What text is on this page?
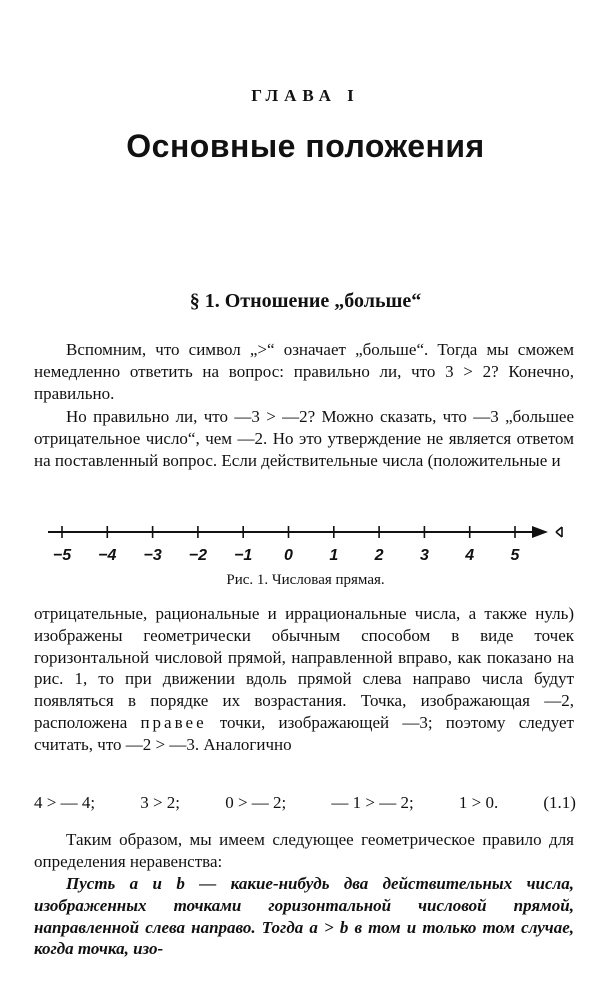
ГЛАВА I
Основные положения
§ 1. Отношение „больше“

Вспомним, что символ „>“ означает „больше“. Тогда мы сможем немедленно ответить на вопрос: правильно ли, что 3 > 2? Конечно, правильно.

Но правильно ли, что —3 > —2? Можно сказать, что —3 „большее отрицательное число“, чем —2. Но это утверждение не является ответом на поставленный вопрос. Если действительные числа (положительные и

−5 −4 −3 −2 −1 0 1 2 3 4 5
Рис. 1. Числовая прямая.

отрицательные, рациональные и иррациональные числа, а также нуль) изображены геометрически обычным способом в виде точек горизонтальной числовой прямой, направленной вправо, как показано на рис. 1, то при движении вдоль прямой слева направо числа будут появляться в порядке их возрастания. Точка, изображающая —2, расположена правее точки, изображающей —3; поэтому следует считать, что —2 > —3. Аналогично

4 > — 4;	3 > 2;	0 > — 2;	— 1 > — 2;	1 > 0.	(1.1)

Таким образом, мы имеем следующее геометрическое правило для определения неравенства:

Пусть a и b — какие-нибудь два действительных числа, изображенных точками горизонтальной числовой прямой, направленной слева направо. Тогда a > b в том и только том случае, когда точка, изо-
